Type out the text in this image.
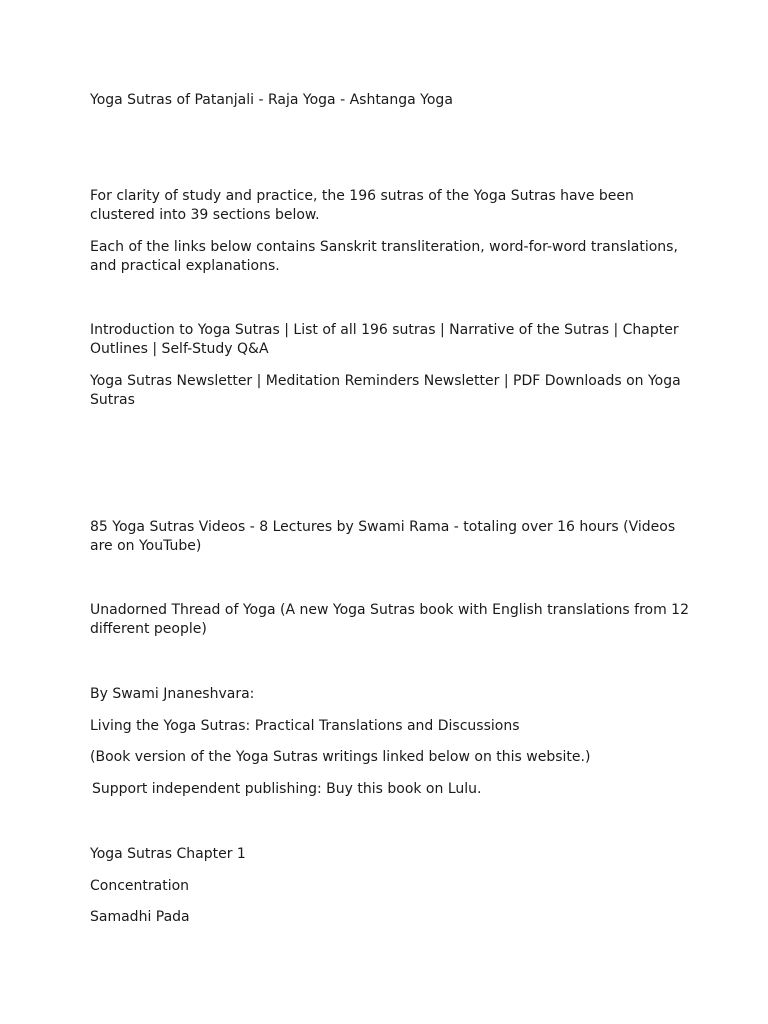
Yoga Sutras of Patanjali - Raja Yoga - Ashtanga Yoga

For clarity of study and practice, the 196 sutras of the Yoga Sutras have been clustered into 39 sections below.

Each of the links below contains Sanskrit transliteration, word-for-word translations, and practical explanations.

Introduction to Yoga Sutras | List of all 196 sutras | Narrative of the Sutras | Chapter Outlines | Self-Study Q&A

Yoga Sutras Newsletter | Meditation Reminders Newsletter | PDF Downloads on Yoga Sutras

85 Yoga Sutras Videos - 8 Lectures by Swami Rama - totaling over 16 hours (Videos are on YouTube)

Unadorned Thread of Yoga (A new Yoga Sutras book with English translations from 12 different people)

By Swami Jnaneshvara:

Living the Yoga Sutras: Practical Translations and Discussions

(Book version of the Yoga Sutras writings linked below on this website.)

Support independent publishing: Buy this book on Lulu.

Yoga Sutras Chapter 1

Concentration

Samadhi Pada
